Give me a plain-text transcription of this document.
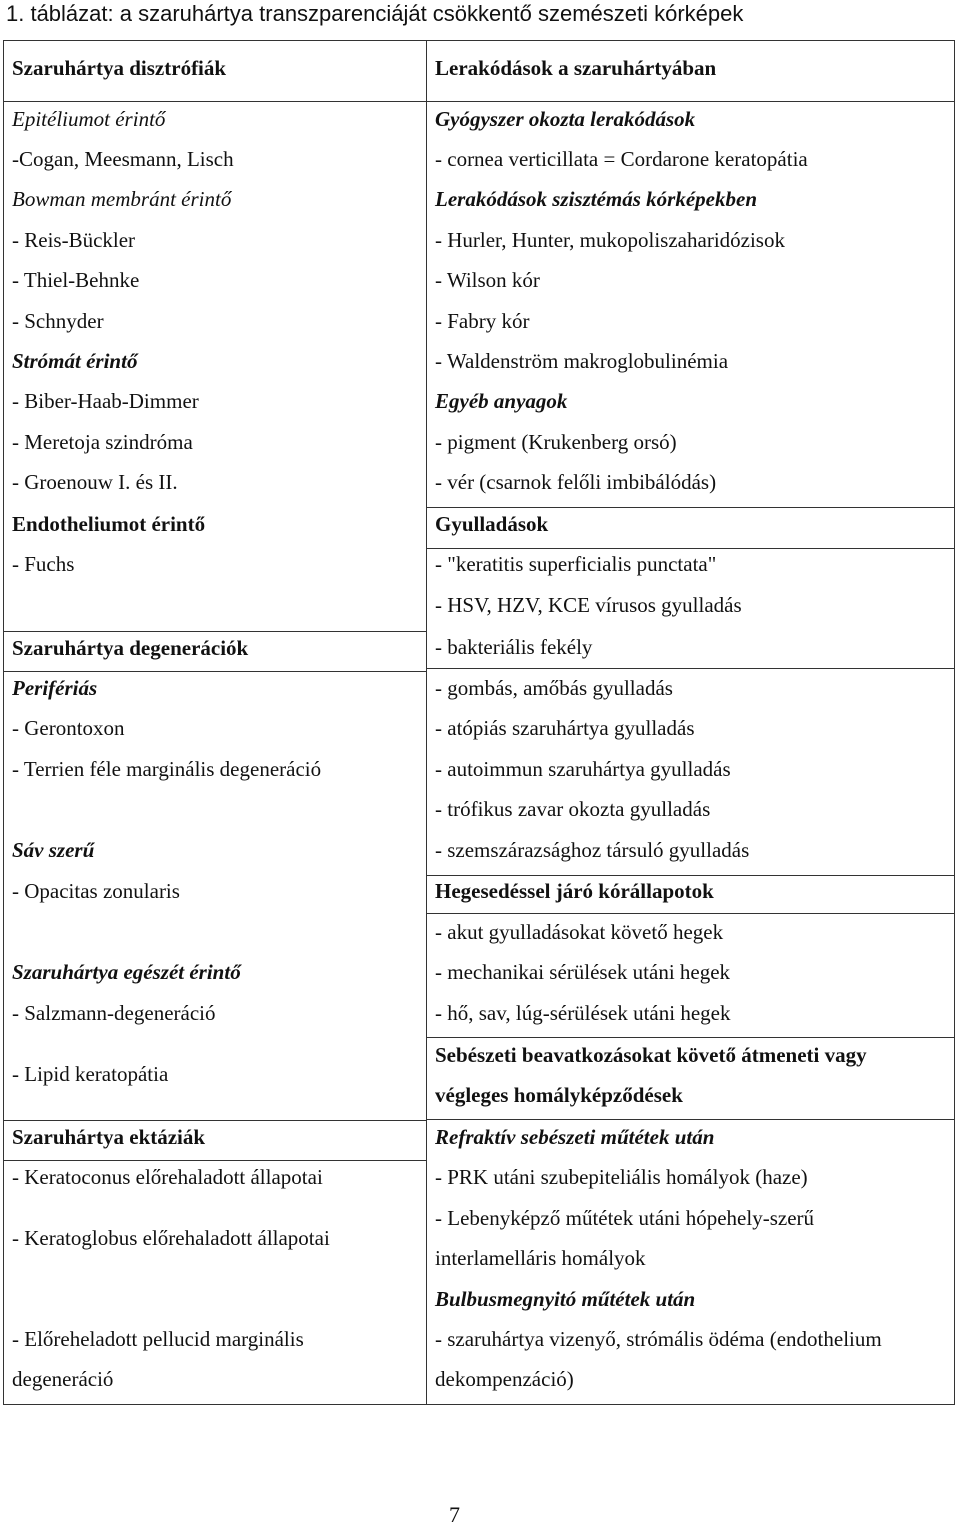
1. táblázat: a szaruhártya transzparenciáját csökkentő szemészeti kórképek
Szaruhártya disztrófiák
Epitéliumot érintő
-Cogan, Meesmann, Lisch
Bowman membránt érintő
- Reis-Bückler
- Thiel-Behnke
- Schnyder
Strómát érintő
- Biber-Haab-Dimmer
- Meretoja szindróma
- Groenouw I. és II.
Endotheliumot érintő
- Fuchs
Szaruhártya degenerációk
Perifériás
- Gerontoxon
- Terrien féle marginális degeneráció
Sáv szerű
- Opacitas zonularis
Szaruhártya egészét érintő
- Salzmann-degeneráció
- Lipid keratopátia
Szaruhártya ektáziák
- Keratoconus előrehaladott állapotai
- Keratoglobus előrehaladott állapotai
- Előreheladott pellucid marginális
degeneráció
Lerakódások a szaruhártyában
Gyógyszer okozta lerakódások
- cornea verticillata = Cordarone keratopátia
Lerakódások szisztémás kórképekben
- Hurler, Hunter, mukopoliszaharidózisok
- Wilson kór
- Fabry kór
- Waldenström makroglobulinémia
Egyéb anyagok
- pigment (Krukenberg orsó)
- vér (csarnok felőli imbibálódás)
Gyulladások
- "keratitis superficialis punctata"
- HSV, HZV, KCE vírusos gyulladás
- bakteriális fekély
- gombás, amőbás gyulladás
- atópiás szaruhártya gyulladás
- autoimmun szaruhártya gyulladás
- trófikus zavar okozta gyulladás
- szemszárazsághoz társuló gyulladás
Hegesedéssel járó kórállapotok
- akut gyulladásokat követő hegek
- mechanikai sérülések utáni hegek
- hő, sav, lúg-sérülések utáni hegek
Sebészeti beavatkozásokat követő átmeneti vagy
végleges homályképződések
Refraktív sebészeti műtétek után
- PRK utáni szubepiteliális homályok (haze)
- Lebenyképző műtétek utáni hópehely-szerű
interlamelláris homályok
Bulbusmegnyitó műtétek után
- szaruhártya vizenyő, strómális ödéma (endothelium
dekompenzáció)
7
